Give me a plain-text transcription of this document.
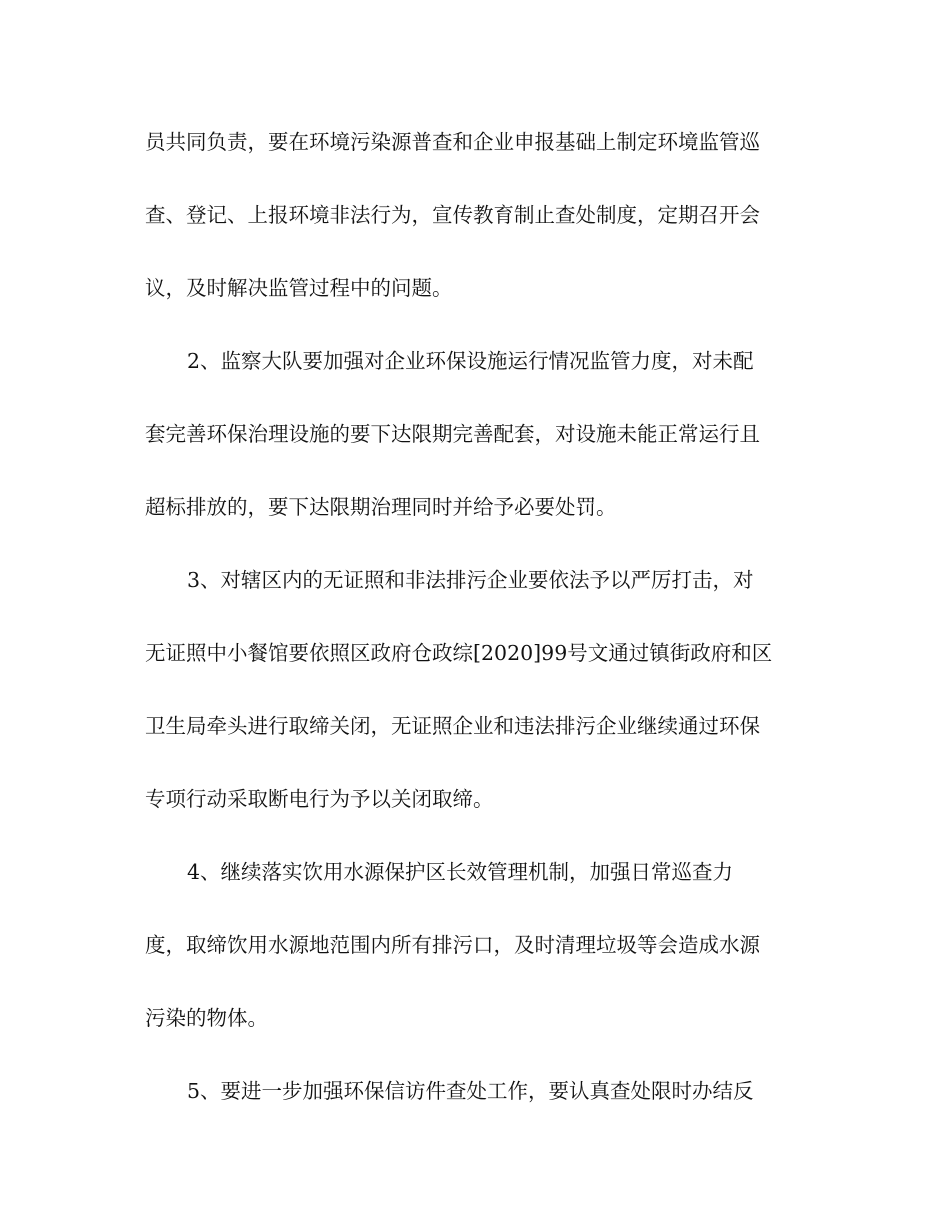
员共同负责，要在环境污染源普查和企业申报基础上制定环境监管巡
查、登记、上报环境非法行为，宣传教育制止查处制度，定期召开会
议，及时解决监管过程中的问题。
2、监察大队要加强对企业环保设施运行情况监管力度，对未配
套完善环保治理设施的要下达限期完善配套，对设施未能正常运行且
超标排放的，要下达限期治理同时并给予必要处罚。
3、对辖区内的无证照和非法排污企业要依法予以严厉打击，对
无证照中小餐馆要依照区政府仓政综[2020]99号文通过镇街政府和区
卫生局牵头进行取缔关闭，无证照企业和违法排污企业继续通过环保
专项行动采取断电行为予以关闭取缔。
4、继续落实饮用水源保护区长效管理机制，加强日常巡查力
度，取缔饮用水源地范围内所有排污口，及时清理垃圾等会造成水源
污染的物体。
5、要进一步加强环保信访件查处工作，要认真查处限时办结反
